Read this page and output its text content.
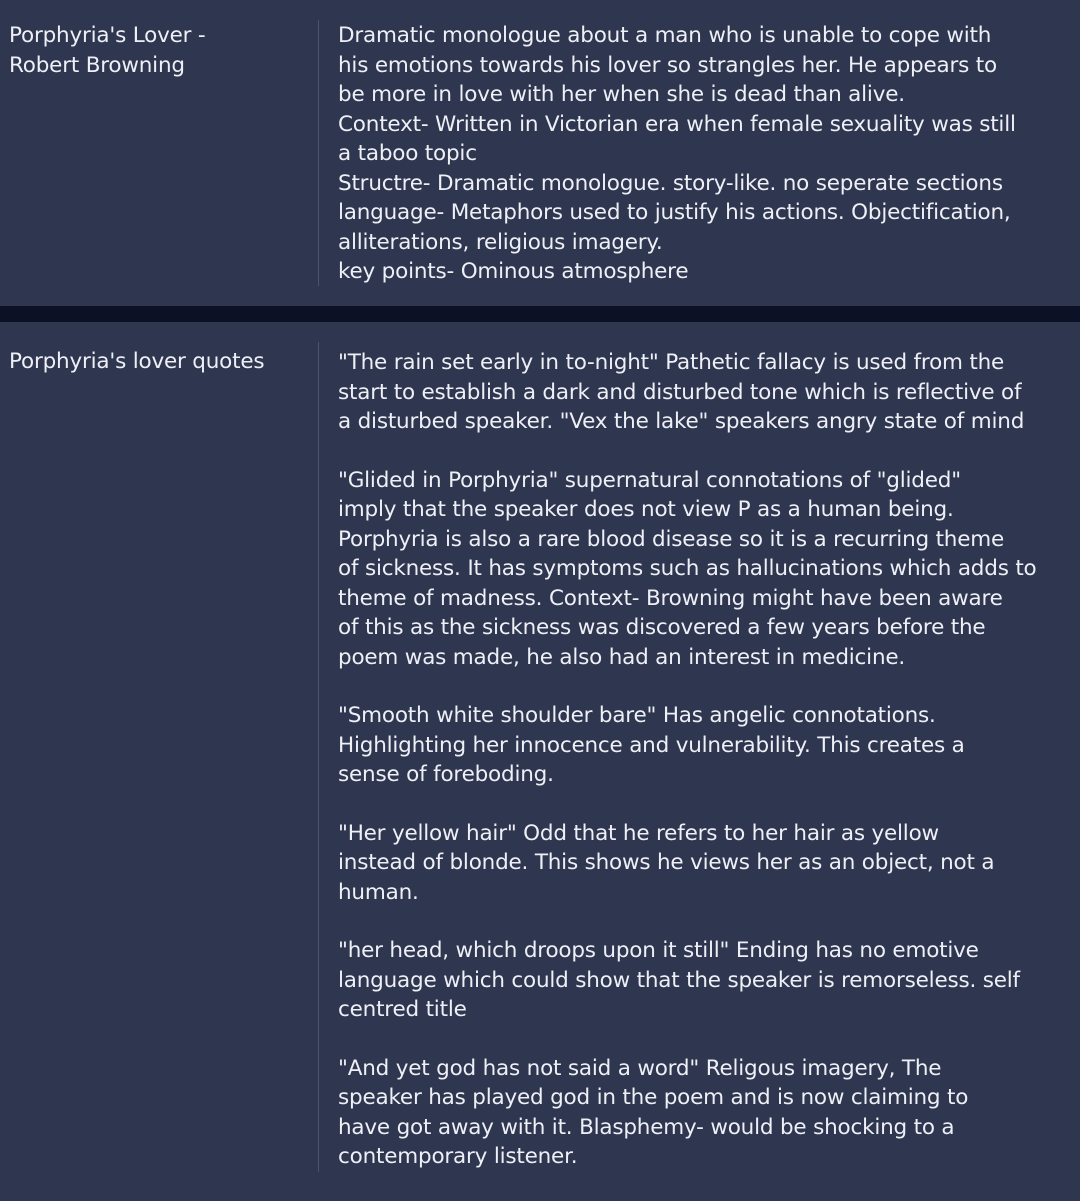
Porphyria's Lover -
Robert Browning

Dramatic monologue about a man who is unable to cope with

his emotions towards his lover so strangles her. He appears to

be more in love with her when she is dead than alive.

Context- Written in Victorian era when female sexuality was still

a taboo topic

Structre- Dramatic monologue. story-like. no seperate sections

language- Metaphors used to justify his actions. Objectification,

alliterations, religious imagery.

key points- Ominous atmosphere

Porphyria's lover quotes	"The rain set early in to-night" Pathetic fallacy is used from the

start to establish a dark and disturbed tone which is reflective of

a disturbed speaker. "Vex the lake" speakers angry state of mind

"Glided in Porphyria" supernatural connotations of "glided"

imply that the speaker does not view P as a human being.

Porphyria is also a rare blood disease so it is a recurring theme

of sickness. It has symptoms such as hallucinations which adds to

theme of madness. Context- Browning might have been aware

of this as the sickness was discovered a few years before the

poem was made, he also had an interest in medicine.

"Smooth white shoulder bare" Has angelic connotations.

Highlighting her innocence and vulnerability. This creates a

sense of foreboding.

"Her yellow hair" Odd that he refers to her hair as yellow

instead of blonde. This shows he views her as an object, not a

human.

"her head, which droops upon it still" Ending has no emotive

language which could show that the speaker is remorseless. self

centred title

"And yet god has not said a word" Religous imagery, The

speaker has played god in the poem and is now claiming to

have got away with it. Blasphemy- would be shocking to a

contemporary listener.
